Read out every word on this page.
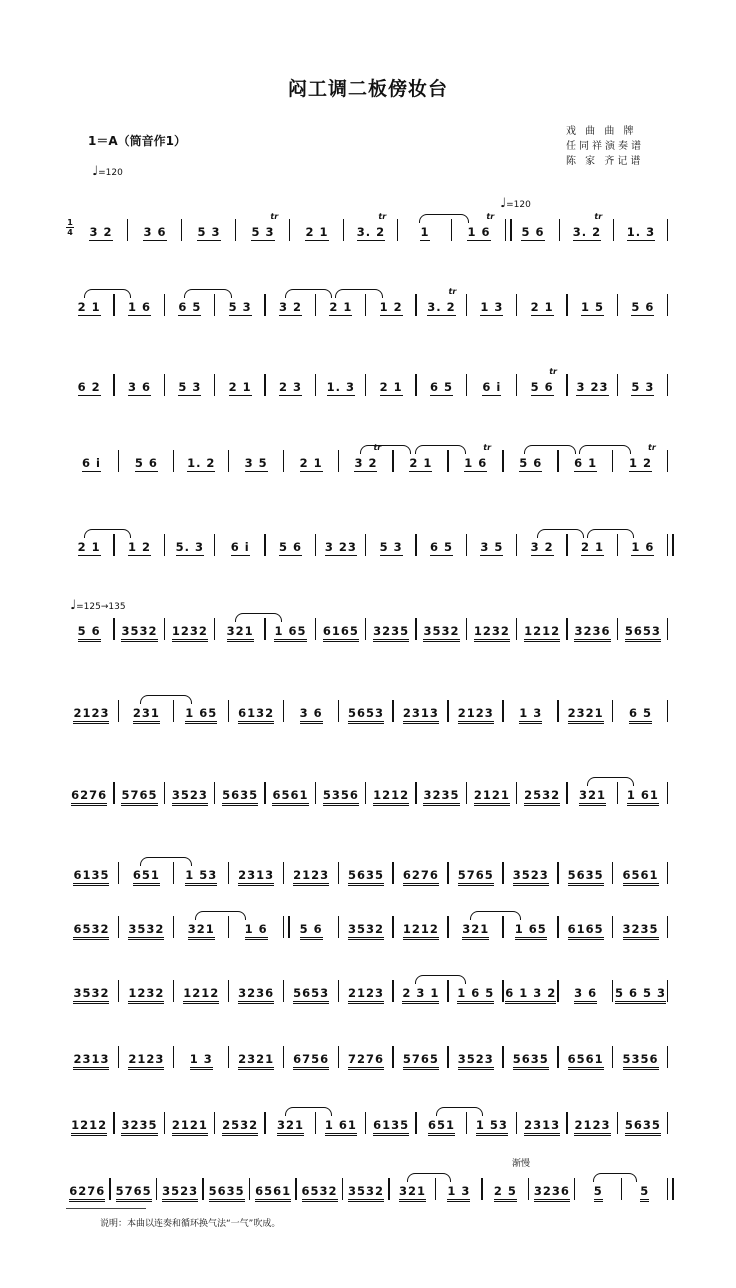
闷工调二板傍妆台
1＝A（筒音作1）
♩=120
戏 曲 曲 牌
任同祥演奏谱
陈 家 齐记谱
♩=120
♩=125→135
渐慢
1
4 3 2	3 6	5 3	5 3
tr
2 1 3. 2
tr
1	1 6
tr
5 6 3. 2
tr
1. 3
2 1 1 6 6 5 5 3 3 2 2 1 1 2 3. 2
tr
1 3 2 1 1 5 5 6
6 2 3 6 5 3 2 1 2 3 1. 3 2 1 6 5	6 i	5 6
tr
3 23 5 3
6 i	5 6	1. 2	3 5	2 1	3 2
tr
2 1	1 6
tr
5 6	6 1	1 2
tr
2 1 1 2 5. 3 6 i	5 6 3 23 5 3 6 5 3 5 3 2 2 1 1 6
5 6 3532 1232 321 1 65 6165 3235 3532 1232 1212 3236 5653
2123 231 1 65 6132 3 6 5653 2313 2123 1 3 2321 6 5
6276 5765 3523 5635 6561 5356 1212 3235 2121 2532 321 1 61
6135 651 1 53 2313 2123 5635 6276 5765 3523 5635 6561
6532 3532 321	1 6	5 6 3532 1212 321 1 65 6165 3235
3532 1232 1212 3236 5653 2123 2 3 1 1 6 5 6 1 3 2 3 6 5 6 5 3
2313 2123 1 3 2321 6756 7276 5765 3523 5635 6561 5356
1212 3235 2121 2532 321 1 61 6135 651 1 53 2313 2123 5635
6276 5765 3523 5635 6561 6532 3532 321 1 3 2 5 3236 5	5
说明：本曲以连奏和循环换气法“一气”吹成。
